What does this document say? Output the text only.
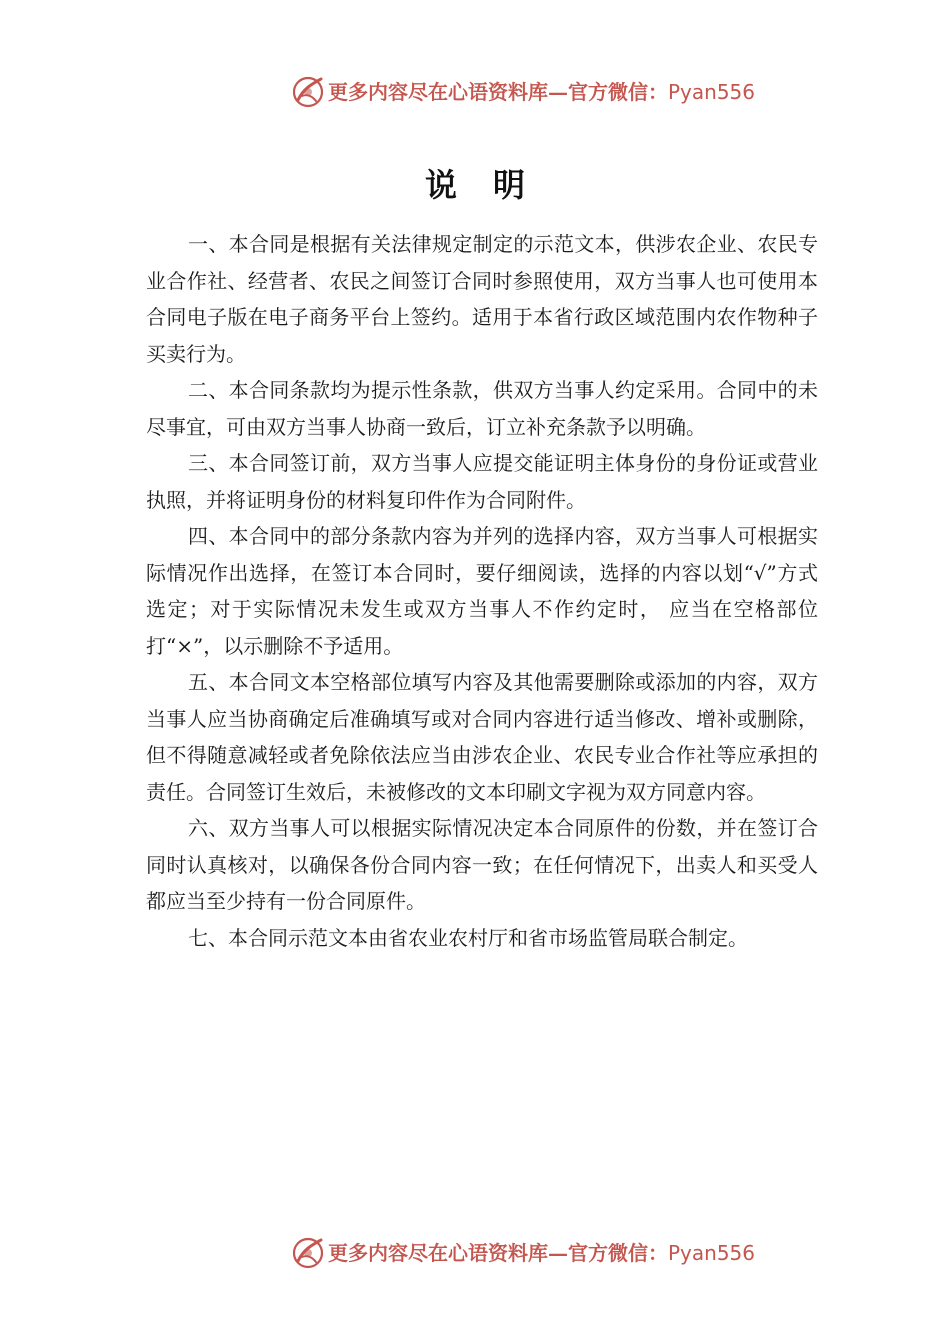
更多内容尽在心语资料库—官方微信：Pyan556
说明

一、本合同是根据有关法律规定制定的示范文本，供涉农企业、农民专业合作社、经营者、农民之间签订合同时参照使用，双方当事人也可使用本合同电子版在电子商务平台上签约。适用于本省行政区域范围内农作物种子买卖行为。

二、本合同条款均为提示性条款，供双方当事人约定采用。合同中的未尽事宜，可由双方当事人协商一致后，订立补充条款予以明确。

三、本合同签订前，双方当事人应提交能证明主体身份的身份证或营业执照，并将证明身份的材料复印件作为合同附件。

四、本合同中的部分条款内容为并列的选择内容，双方当事人可根据实际情况作出选择，在签订本合同时，要仔细阅读，选择的内容以划“√”方式选定；对于实际情况未发生或双方当事人不作约定时， 应当在空格部位打“×”，以示删除不予适用。

五、本合同文本空格部位填写内容及其他需要删除或添加的内容，双方当事人应当协商确定后准确填写或对合同内容进行适当修改、增补或删除，但不得随意减轻或者免除依法应当由涉农企业、农民专业合作社等应承担的责任。合同签订生效后，未被修改的文本印刷文字视为双方同意内容。

六、双方当事人可以根据实际情况决定本合同原件的份数，并在签订合同时认真核对，以确保各份合同内容一致；在任何情况下，出卖人和买受人都应当至少持有一份合同原件。

七、本合同示范文本由省农业农村厅和省市场监管局联合制定。

更多内容尽在心语资料库—官方微信：Pyan556
